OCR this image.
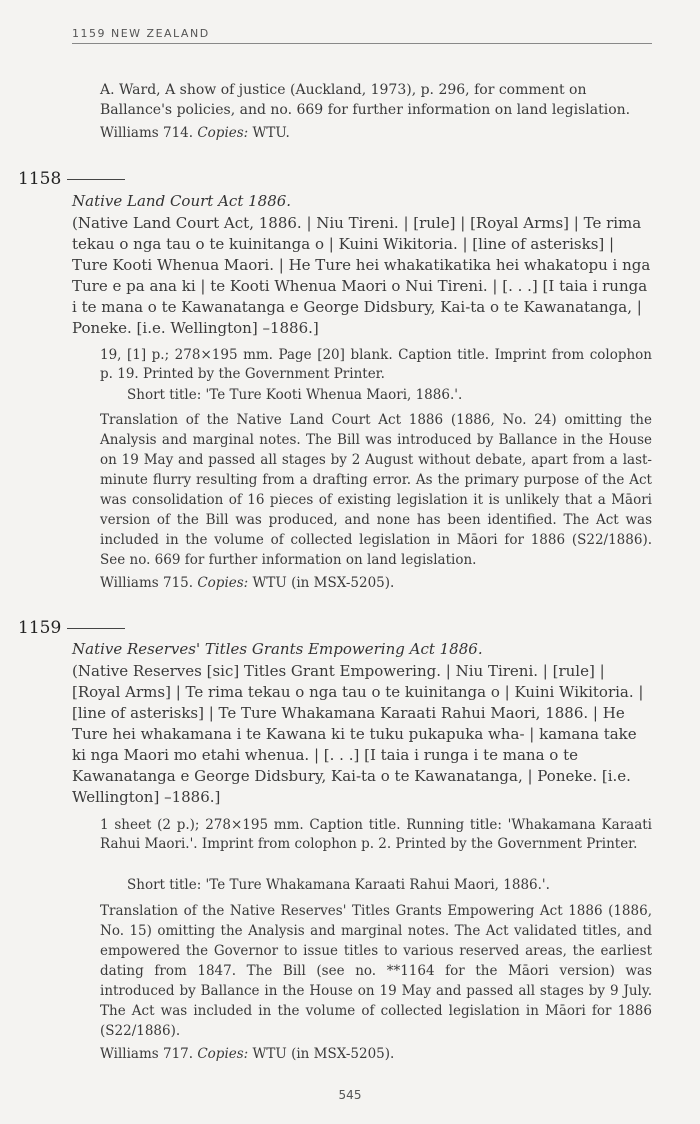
1159 NEW ZEALAND
A. Ward, A show of justice (Auckland, 1973), p. 296, for comment on Ballance's policies, and no. 669 for further information on land legislation.
Williams 714. Copies: WTU.
1158
Native Land Court Act 1886.
(Native Land Court Act, 1886. | Niu Tireni. | [rule] | [Royal Arms] | Te rima tekau o nga tau o te kuinitanga o | Kuini Wikitoria. | [line of asterisks] | Ture Kooti Whenua Maori. | He Ture hei whakatikatika hei whakatopu i nga Ture e pa ana ki | te Kooti Whenua Maori o Nui Tireni. | [. . .] [I taia i runga i te mana o te Kawanatanga e George Didsbury, Kai-ta o te Kawanatanga, | Poneke. [i.e. Wellington] –1886.]
19, [1] p.; 278×195 mm. Page [20] blank. Caption title. Imprint from colophon p. 19. Printed by the Government Printer.
Short title: 'Te Ture Kooti Whenua Maori, 1886.'.
Translation of the Native Land Court Act 1886 (1886, No. 24) omitting the Analysis and marginal notes. The Bill was introduced by Ballance in the House on 19 May and passed all stages by 2 August without debate, apart from a last-minute flurry resulting from a drafting error. As the primary purpose of the Act was consolidation of 16 pieces of existing legislation it is unlikely that a Māori version of the Bill was produced, and none has been identified. The Act was included in the volume of collected legislation in Māori for 1886 (S22/1886). See no. 669 for further information on land legislation.
Williams 715. Copies: WTU (in MSX-5205).
1159
Native Reserves' Titles Grants Empowering Act 1886.
(Native Reserves [sic] Titles Grant Empowering. | Niu Tireni. | [rule] | [Royal Arms] | Te rima tekau o nga tau o te kuinitanga o | Kuini Wikitoria. | [line of asterisks] | Te Ture Whakamana Karaati Rahui Maori, 1886. | He Ture hei whakamana i te Kawana ki te tuku pukapuka wha- | kamana take ki nga Maori mo etahi whenua. | [. . .] [I taia i runga i te mana o te Kawanatanga e George Didsbury, Kai-ta o te Kawanatanga, | Poneke. [i.e. Wellington] –1886.]
1 sheet (2 p.); 278×195 mm. Caption title. Running title: 'Whakamana Karaati Rahui Maori.'. Imprint from colophon p. 2. Printed by the Government Printer.
Short title: 'Te Ture Whakamana Karaati Rahui Maori, 1886.'.
Translation of the Native Reserves' Titles Grants Empowering Act 1886 (1886, No. 15) omitting the Analysis and marginal notes. The Act validated titles, and empowered the Governor to issue titles to various reserved areas, the earliest dating from 1847. The Bill (see no. **1164 for the Māori version) was introduced by Ballance in the House on 19 May and passed all stages by 9 July. The Act was included in the volume of collected legislation in Māori for 1886 (S22/1886).
Williams 717. Copies: WTU (in MSX-5205).
545
